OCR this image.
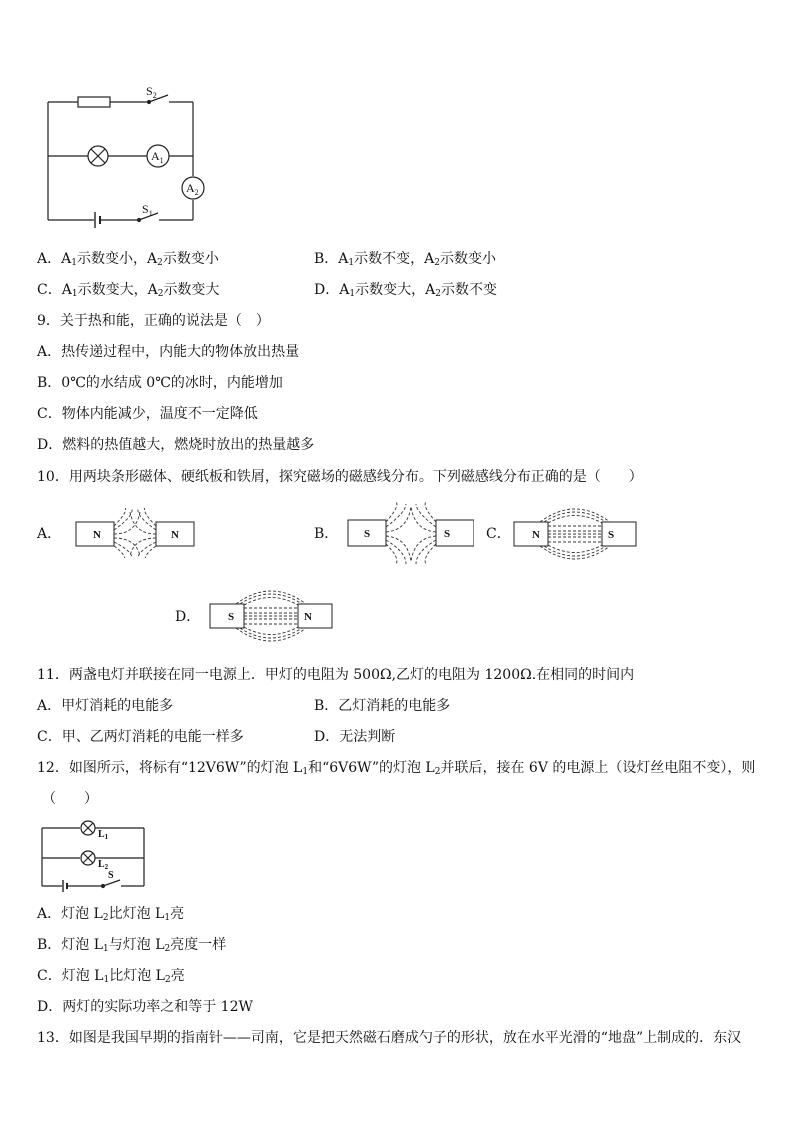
$S_2$
$S_1$
$A_1$
$A_2$
A．$A_1$示数变小，$A_2$示数变小	B．$A_1$示数不变，$A_2$示数变小
C．$A_1$示数变大，$A_2$示数变大	D．$A_1$示数变大，$A_2$示数不变
9．关于热和能，正确的说法是（　）
A．热传递过程中，内能大的物体放出热量
B．0℃的水结成 0℃的冰时，内能增加
C．物体内能减少，温度不一定降低
D．燃料的热值越大，燃烧时放出的热量越多
10．用两块条形磁体、硬纸板和铁屑，探究磁场的磁感线分布。下列磁感线分布正确的是（　　）
A．	N	N	B． S	S	C． N	S
D．	S	N
11．两盏电灯并联接在同一电源上．甲灯的电阻为 500Ω,乙灯的电阻为 1200Ω.在相同的时间内
A．甲灯消耗的电能多	B．乙灯消耗的电能多
C．甲、乙两灯消耗的电能一样多	D．无法判断
12．如图所示，将标有“12V6W”的灯泡 $L_1$和“6V6W”的灯泡 $L_2$并联后，接在 6V 的电源上（设灯丝电阻不变），则
（　　）
$L_1$
$L_2$
S
A．灯泡 $L_2$比灯泡 $L_1$亮
B．灯泡 $L_1$与灯泡 $L_2$亮度一样
C．灯泡 $L_1$比灯泡 $L_2$亮
D．两灯的实际功率之和等于 12W
13．如图是我国早期的指南针——司南，它是把天然磁石磨成勺子的形状，放在水平光滑的“地盘”上制成的．东汉
